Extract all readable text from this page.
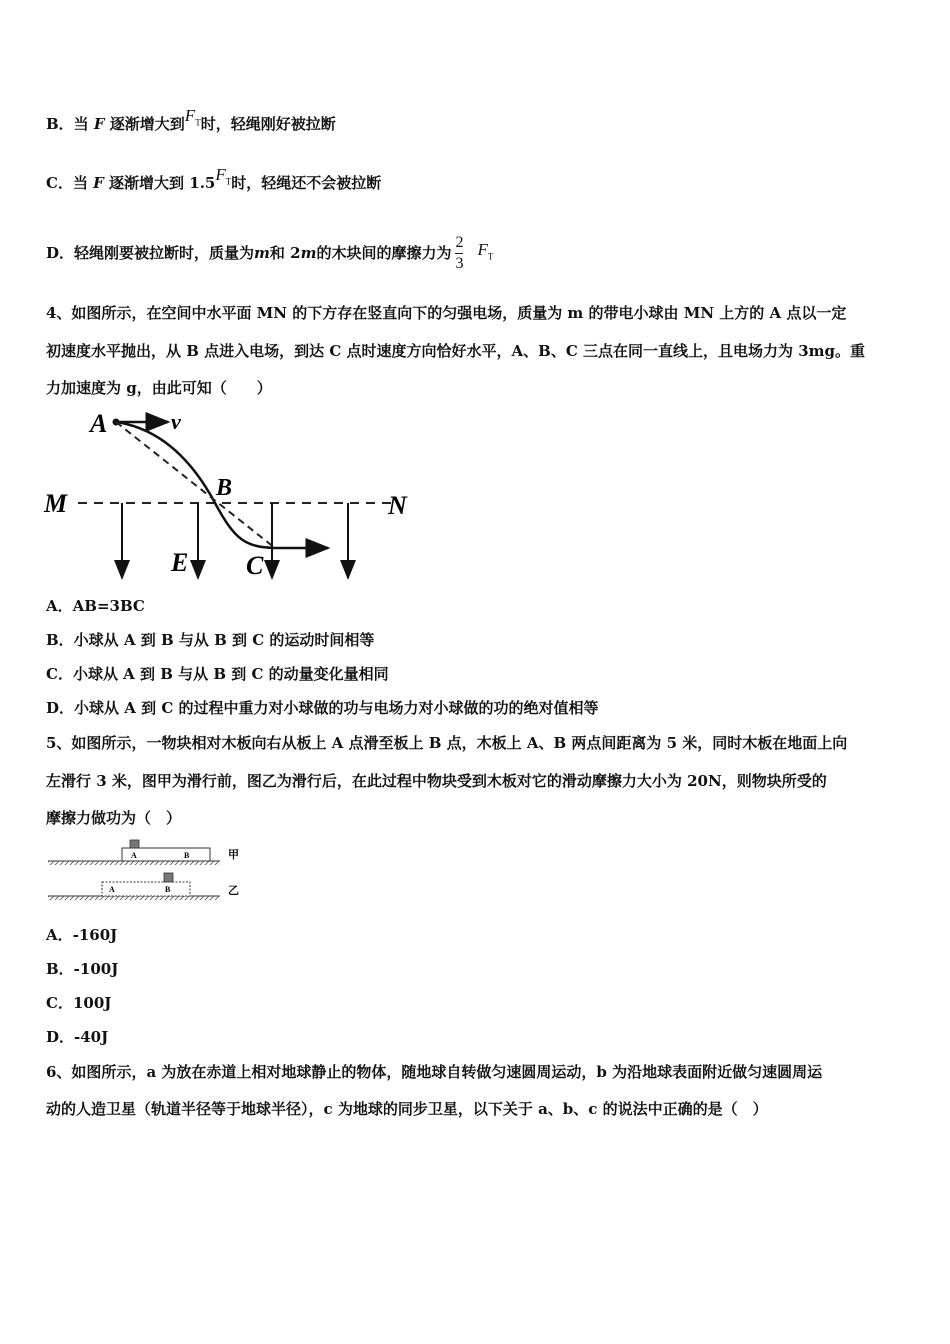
B．当 F 逐渐增大到$F_T$时，轻绳刚好被拉断
C．当 F 逐渐增大到 $1.5F_T$时，轻绳还不会被拉断
D．轻绳刚要被拉断时，质量为 m 和 2 m 的木块间的摩擦力为 $\frac{2}{3} F_T$
4、如图所示，在空间中水平面 MN 的下方存在竖直向下的匀强电场，质量为 m 的带电小球由 MN 上方的 A 点以一定
初速度水平抛出，从 B 点进入电场，到达 C 点时速度方向恰好水平，A、B、C 三点在同一直线上，且电场力为 3mg。重
力加速度为 g，由此可知（　　）
A	v
B
M	N
E C
A．AB=3BC
B．小球从 A 到 B 与从 B 到 C 的运动时间相等
C．小球从 A 到 B 与从 B 到 C 的动量变化量相同
D．小球从 A 到 C 的过程中重力对小球做的功与电场力对小球做的功的绝对值相等
5、如图所示，一物块相对木板向右从板上 A 点滑至板上 B 点，木板上 A、B 两点间距离为 5 米，同时木板在地面上向
左滑行 3 米，图甲为滑行前，图乙为滑行后，在此过程中物块受到木板对它的滑动摩擦力大小为 20N，则物块所受的
摩擦力做功为（　）
A	B	甲
A	B	乙
A．-160J
B．-100J
C．100J
D．-40J
6、如图所示，a 为放在赤道上相对地球静止的物体，随地球自转做匀速圆周运动，b 为沿地球表面附近做匀速圆周运
动的人造卫星（轨道半径等于地球半径），c 为地球的同步卫星，以下关于 a、b、c 的说法中正确的是（　）
